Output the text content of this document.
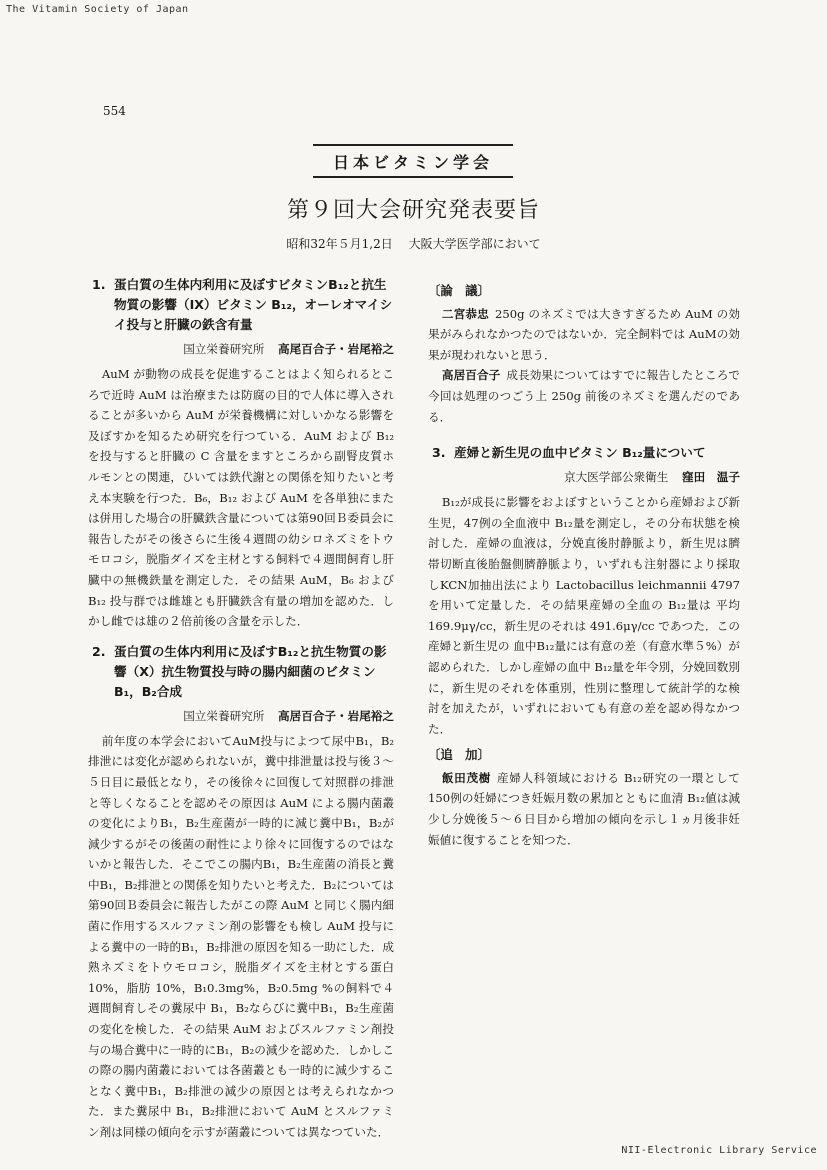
The Vitamin Society of Japan
554
日本ビタミン学会
第９回大会研究発表要旨
昭和32年５月1,2日 大阪大学医学部において
1. 蛋白質の生体内利用に及ぼすビタミンB₁₂と抗生物質の影響（IX）ビタミン B₁₂，オーレオマイシイ投与と肝臓の鉄含有量
国立栄養研究所 高尾百合子・岩尾裕之

AuM が動物の成長を促進することはよく知られるところで近時 AuM は治療または防腐の目的で人体に導入されることが多いから AuM が栄養機構に対しいかなる影響を及ぼすかを知るため研究を行つている．AuM および B₁₂ を投与すると肝臓の C 含量をますところから副腎皮質ホルモンとの関連，ひいては鉄代謝との関係を知りたいと考え本実験を行つた．B₆，B₁₂ および AuM を各単独にまたは併用した場合の肝臓鉄含量については第90回Ｂ委員会に報告したがその後さらに生後４週間の幼シロネズミをトウモロコシ，脱脂ダイズを主材とする飼料で４週間飼育し肝臓中の無機鉄量を測定した．その結果 AuM，B₆ および B₁₂ 投与群では雌雄とも肝臓鉄含有量の増加を認めた．しかし雌では雄の２倍前後の含量を示した．

2. 蛋白質の生体内利用に及ぼすB₁₂と抗生物質の影響（X）抗生物質投与時の腸内細菌のビタミンB₁，B₂合成
国立栄養研究所 高居百合子・岩尾裕之

前年度の本学会においてAuM投与によつて尿中B₁，B₂排泄には変化が認められないが，糞中排泄量は投与後３～５日目に最低となり，その後徐々に回復して対照群の排泄と等しくなることを認めその原因は AuM による腸内菌叢の変化によりB₁，B₂生産菌が一時的に減じ糞中B₁，B₂が減少するがその後菌の耐性により徐々に回復するのではないかと報告した．そこでこの腸内B₁，B₂生産菌の消長と糞中B₁，B₂排泄との関係を知りたいと考えた．B₂については第90回Ｂ委員会に報告したがこの際 AuM と同じく腸内細菌に作用するスルファミン剤の影響をも検し AuM 投与による糞中の一時的B₁，B₂排泄の原因を知る一助にした．成熟ネズミをトウモロコシ，脱脂ダイズを主材とする蛋白10%，脂肪 10%，B₁0.3mg%，B₂0.5mg %の飼料で４週間飼育しその糞尿中 B₁，B₂ならびに糞中B₁，B₂生産菌の変化を検した．その結果 AuM およびスルファミン剤投与の場合糞中に一時的にB₁，B₂の減少を認めた．しかしこの際の腸内菌叢においては各菌叢とも一時的に減少することなく糞中B₁，B₂排泄の減少の原因とは考えられなかつた．また糞尿中 B₁，B₂排泄において AuM とスルファミン剤は同様の傾向を示すが菌叢については異なつていた．

〔論　議〕

二宮恭忠 250g のネズミでは大きすぎるため AuM の効果がみられなかつたのではないか．完全飼料では AuMの効果が現われないと思う．

高居百合子 成長効果についてはすでに報告したところで今回は処理のつごう上 250g 前後のネズミを選んだのである．

3. 産婦と新生児の血中ビタミン B₁₂量について
京大医学部公衆衛生 窪田　温子

B₁₂が成長に影響をおよぼすということから産婦および新生児，47例の全血液中 B₁₂量を測定し，その分布状態を検討した．産婦の血液は，分娩直後肘静脈より，新生児は臍帯切断直後胎盤側臍静脈より，いずれも注射器により採取しKCN加抽出法により Lactobacillus leichmannii 4797を用いて定量した．その結果産婦の全血の B₁₂量は 平均 169.9μγ/cc，新生児のそれは 491.6μγ/cc であつた．この産婦と新生児の 血中B₁₂量には有意の差（有意水準５%）が認められた．しかし産婦の血中 B₁₂量を年令別，分娩回数別に，新生児のそれを体重別，性別に整理して統計学的な検討を加えたが，いずれにおいても有意の差を認め得なかつた．

〔追　加〕

飯田茂樹 産婦人科領域における B₁₂研究の一環として 150例の妊婦につき妊娠月数の累加とともに血清 B₁₂値は減少し分娩後５～６日目から増加の傾向を示し１ヵ月後非妊娠値に復することを知つた．

NII-Electronic Library Service
